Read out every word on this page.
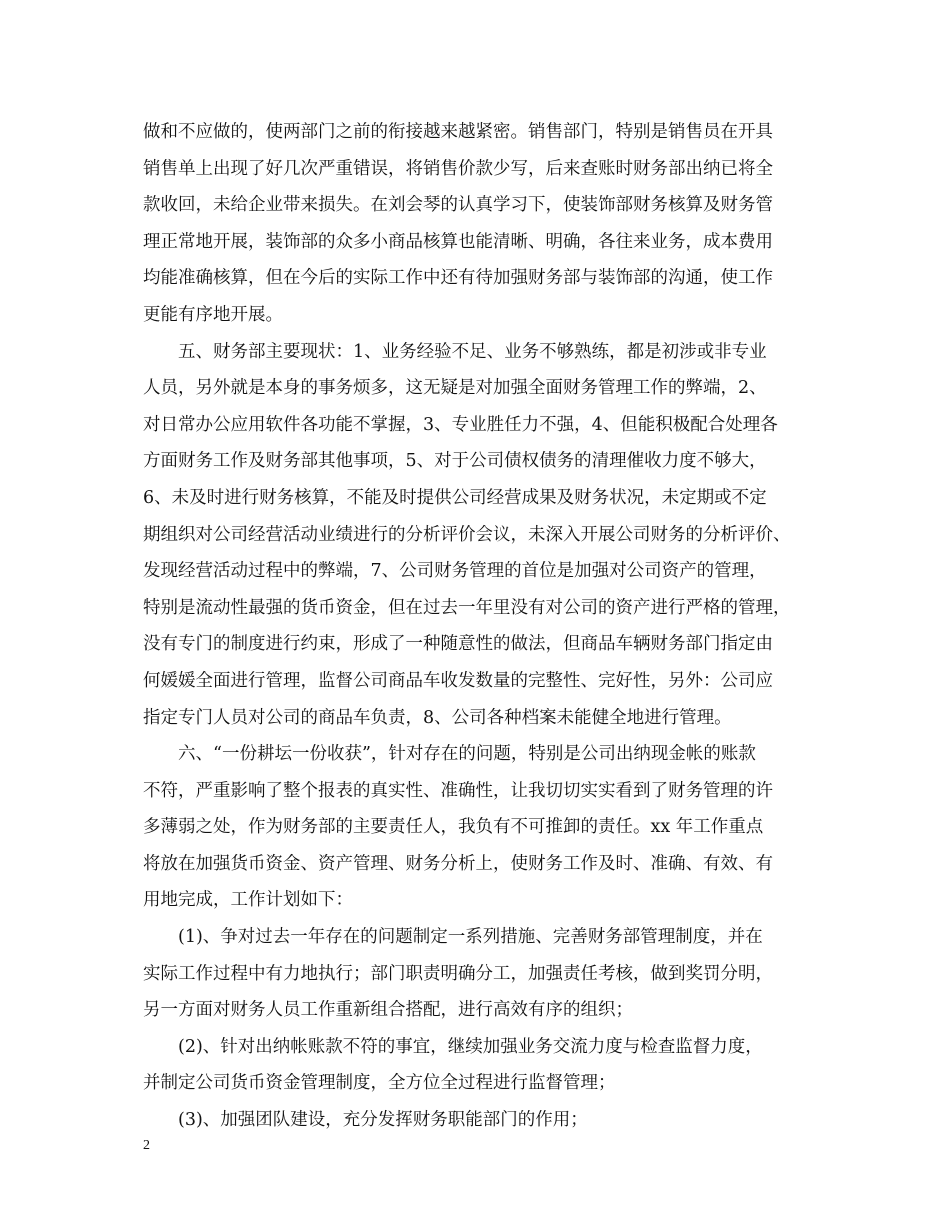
做和不应做的，使两部门之前的衔接越来越紧密。销售部门，特别是销售员在开具
销售单上出现了好几次严重错误，将销售价款少写，后来查账时财务部出纳已将全
款收回，未给企业带来损失。在刘会琴的认真学习下，使装饰部财务核算及财务管
理正常地开展，装饰部的众多小商品核算也能清晰、明确，各往来业务，成本费用
均能准确核算，但在今后的实际工作中还有待加强财务部与装饰部的沟通，使工作
更能有序地开展。
五、财务部主要现状：1、业务经验不足、业务不够熟练，都是初涉或非专业
人员，另外就是本身的事务烦多，这无疑是对加强全面财务管理工作的弊端，2、
对日常办公应用软件各功能不掌握，3、专业胜任力不强，4、但能积极配合处理各
方面财务工作及财务部其他事项，5、对于公司债权债务的清理催收力度不够大，
6、未及时进行财务核算，不能及时提供公司经营成果及财务状况，未定期或不定
期组织对公司经营活动业绩进行的分析评价会议，未深入开展公司财务的分析评价、
发现经营活动过程中的弊端，7、公司财务管理的首位是加强对公司资产的管理，
特别是流动性最强的货币资金，但在过去一年里没有对公司的资产进行严格的管理，
没有专门的制度进行约束，形成了一种随意性的做法，但商品车辆财务部门指定由
何媛媛全面进行管理，监督公司商品车收发数量的完整性、完好性，另外：公司应
指定专门人员对公司的商品车负责，8、公司各种档案未能健全地进行管理。
六、“一份耕坛一份收获”，针对存在的问题，特别是公司出纳现金帐的账款
不符，严重影响了整个报表的真实性、准确性，让我切切实实看到了财务管理的许
多薄弱之处，作为财务部的主要责任人，我负有不可推卸的责任。xx 年工作重点
将放在加强货币资金、资产管理、财务分析上，使财务工作及时、准确、有效、有
用地完成，工作计划如下：
(1)、争对过去一年存在的问题制定一系列措施、完善财务部管理制度，并在
实际工作过程中有力地执行；部门职责明确分工，加强责任考核，做到奖罚分明，
另一方面对财务人员工作重新组合搭配，进行高效有序的组织；
(2)、针对出纳帐账款不符的事宜，继续加强业务交流力度与检查监督力度，
并制定公司货币资金管理制度，全方位全过程进行监督管理；
(3)、加强团队建设，充分发挥财务职能部门的作用；
2
